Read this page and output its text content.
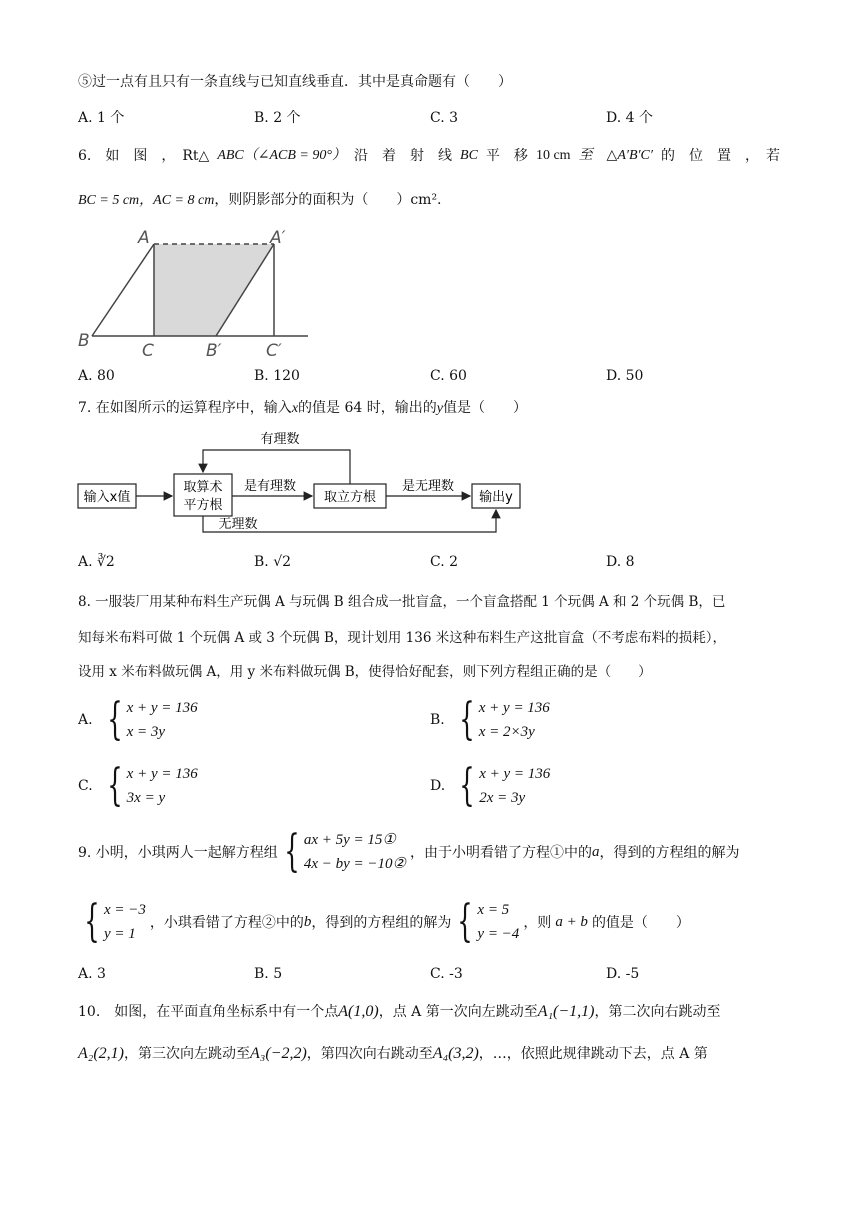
⑤过一点有且只有一条直线与已知直线垂直．其中是真命题有（　　）
A. 1 个	B. 2 个	C. 3	D. 4 个
6.　如　图　，　Rt△ ABC（∠ACB = 90°） 沿　着　射　线 BC 平　移 10 cm 至　△A′B′C′ 的　位　置　，　若
BC = 5 cm，AC = 8 cm，则阴影部分的面积为（　　）cm².
A	A′
B	C	B′	C′
A. 80	B. 120	C. 60	D. 50
7. 在如图所示的运算程序中，输入x的值是 64 时，输出的y值是（　　）
输入x值
取算术
平方根
取立方根	输出y
是有理数	是无理数
有理数
无理数
A. ∛2	B. √2	C. 2	D. 8
8. 一服装厂用某种布料生产玩偶 A 与玩偶 B 组合成一批盲盒，一个盲盒搭配 1 个玩偶 A 和 2 个玩偶 B，已
知每米布料可做 1 个玩偶 A 或 3 个玩偶 B，现计划用 136 米这种布料生产这批盲盒（不考虑布料的损耗），
设用 x 米布料做玩偶 A，用 y 米布料做玩偶 B，使得恰好配套，则下列方程组正确的是（　　）
A. { x + y = 136
x = 3y
B. { x + y = 136
x = 2×3y
C. { x + y = 136
3x = y
D. { x + y = 136
2x = 3y
9. 小明，小琪两人一起解方程组 { ax + 5y = 15①
4x − by = −10②
，由于小明看错了方程①中的 a ，得到的方程组的解为
{ x = −3
y = 1
，小琪看错了方程②中的 b ，得到的方程组的解为 { x = 5
y = −4
，则 a + b 的值是（　　）
A. 3	B. 5	C. -3	D. -5
10.　如图，在平面直角坐标系中有一个点A(1,0)，点 A 第一次向左跳动至A₁(−1,1)，第二次向右跳动至
A₂(2,1)，第三次向左跳动至A₃(−2,2)，第四次向右跳动至A₄(3,2)，…，依照此规律跳动下去，点 A 第
